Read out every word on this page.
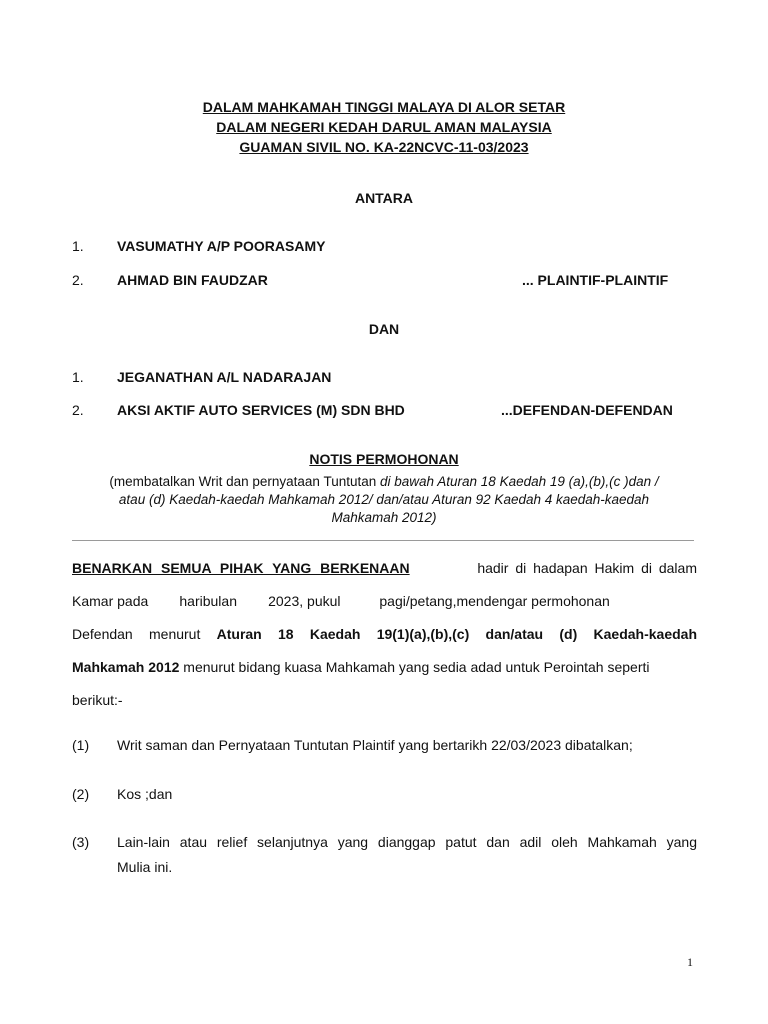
DALAM MAHKAMAH TINGGI MALAYA DI ALOR SETAR
DALAM NEGERI KEDAH DARUL AMAN MALAYSIA
GUAMAN SIVIL NO. KA-22NCVC-11-03/2023
ANTARA
1. VASUMATHY A/P POORASAMY
2. AHMAD BIN FAUDZAR	... PLAINTIF-PLAINTIF
DAN
1. JEGANATHAN A/L NADARAJAN
2. AKSI AKTIF AUTO SERVICES (M) SDN BHD	...DEFENDAN-DEFENDAN
NOTIS PERMOHONAN
(membatalkan Writ dan pernyataan Tuntutan di bawah Aturan 18 Kaedah 19 (a),(b),(c )dan /
atau (d) Kaedah-kaedah Mahkamah 2012/ dan/atau Aturan 92 Kaedah 4 kaedah-kaedah
Mahkamah 2012)
BENARKAN SEMUA PIHAK YANG BERKENAAN	hadir di hadapan Hakim di dalam
Kamar pada        haribulan        2023, pukul          pagi/petang,mendengar permohonan
Defendan menurut Aturan 18 Kaedah 19(1)(a),(b),(c) dan/atau (d) Kaedah-kaedah
Mahkamah 2012 menurut bidang kuasa Mahkamah yang sedia adad untuk Perointah seperti
berikut:-
(1) Writ saman dan Pernyataan Tuntutan Plaintif yang bertarikh 22/03/2023 dibatalkan;
(2) Kos ;dan
(3) Lain-lain atau relief selanjutnya yang dianggap patut dan adil oleh Mahkamah yang
Mulia ini.
1
